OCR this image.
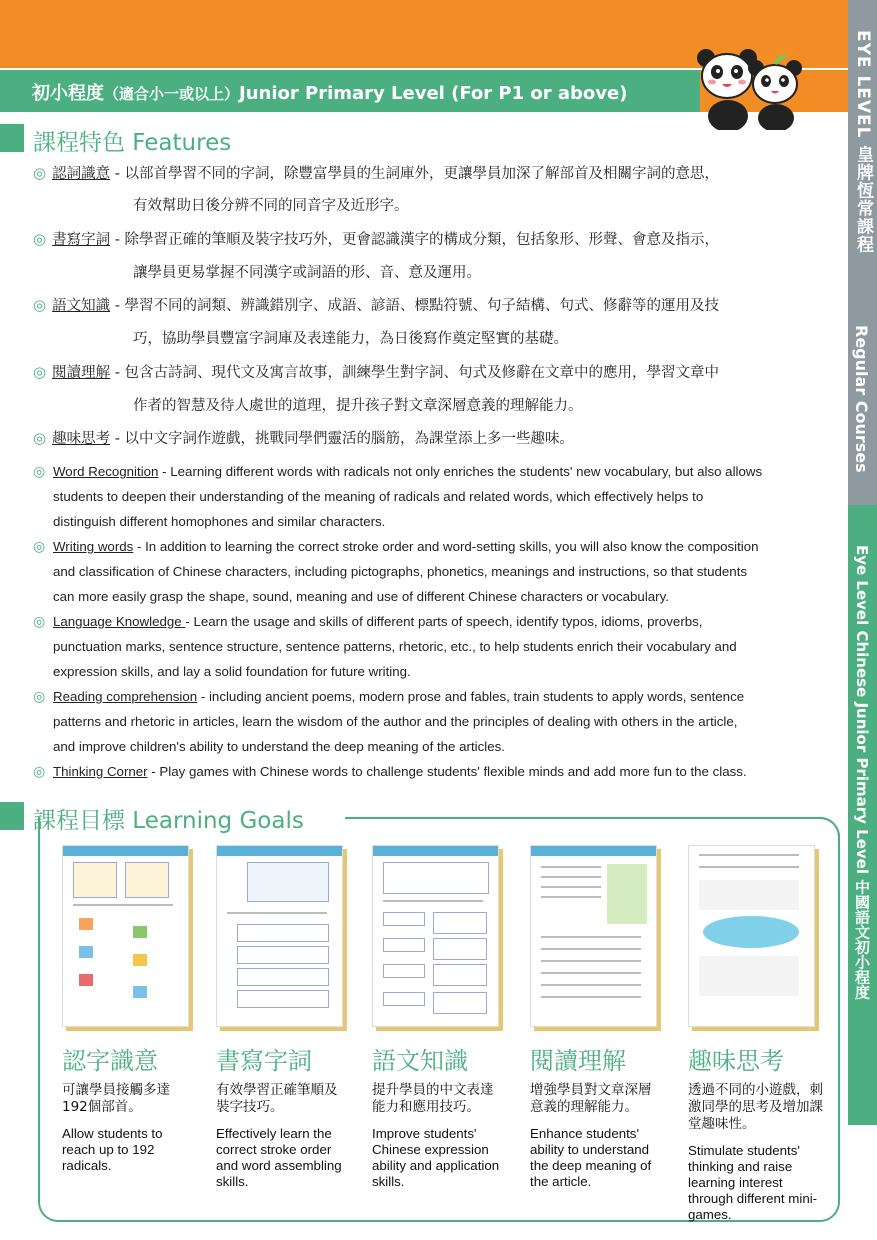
初小程度（適合小一或以上）Junior Primary Level (For P1 or above)	EYE LEVEL 皇牌恆常課程
Regular Courses
Eye Level Chinese Junior Primary Level 中國語文初小程度
課程特色 Features
◎ 認詞識意 - 以部首學習不同的字詞，除豐富學員的生詞庫外，更讓學員加深了解部首及相關字詞的意思，
有效幫助日後分辨不同的同音字及近形字。
◎ 書寫字詞 - 除學習正確的筆順及裝字技巧外，更會認識漢字的構成分類，包括象形、形聲、會意及指示，
讓學員更易掌握不同漢字或詞語的形、音、意及運用。
◎ 語文知識 - 學習不同的詞類、辨識錯別字、成語、諺語、標點符號、句子結構、句式、修辭等的運用及技
巧，協助學員豐富字詞庫及表達能力，為日後寫作奠定堅實的基礎。
◎ 閱讀理解 - 包含古詩詞、現代文及寓言故事，訓練學生對字詞、句式及修辭在文章中的應用，學習文章中
作者的智慧及待人處世的道理，提升孩子對文章深層意義的理解能力。
◎ 趣味思考 - 以中文字詞作遊戲，挑戰同學們靈活的腦筋，為課堂添上多一些趣味。
◎ Word Recognition - Learning different words with radicals not only enriches the students' new vocabulary, but also allows
students to deepen their understanding of the meaning of radicals and related words, which effectively helps to
distinguish different homophones and similar characters.
◎ Writing words - In addition to learning the correct stroke order and word-setting skills, you will also know the composition
and classification of Chinese characters, including pictographs, phonetics, meanings and instructions, so that students
can more easily grasp the shape, sound, meaning and use of different Chinese characters or vocabulary.
◎ Language Knowledge - Learn the usage and skills of different parts of speech, identify typos, idioms, proverbs,
punctuation marks, sentence structure, sentence patterns, rhetoric, etc., to help students enrich their vocabulary and
expression skills, and lay a solid foundation for future writing.
◎ Reading comprehension - including ancient poems, modern prose and fables, train students to apply words, sentence
patterns and rhetoric in articles, learn the wisdom of the author and the principles of dealing with others in the article,
and improve children's ability to understand the deep meaning of the articles.
◎ Thinking Corner - Play games with Chinese words to challenge students' flexible minds and add more fun to the class.
課程目標 Learning Goals
認字識意
可讓學員接觸多達192個部首。
Allow students to reach up to 192 radicals.
書寫字詞
有效學習正確筆順及裝字技巧。
Effectively learn the correct stroke order and word assembling skills.
語文知識
提升學員的中文表達能力和應用技巧。
Improve students' Chinese expression ability and application skills.
閱讀理解
增強學員對文章深層意義的理解能力。
Enhance students' ability to understand the deep meaning of the article.
趣味思考
透過不同的小遊戲，刺激同學的思考及增加課堂趣味性。
Stimulate students' thinking and raise learning interest through different mini-games.
